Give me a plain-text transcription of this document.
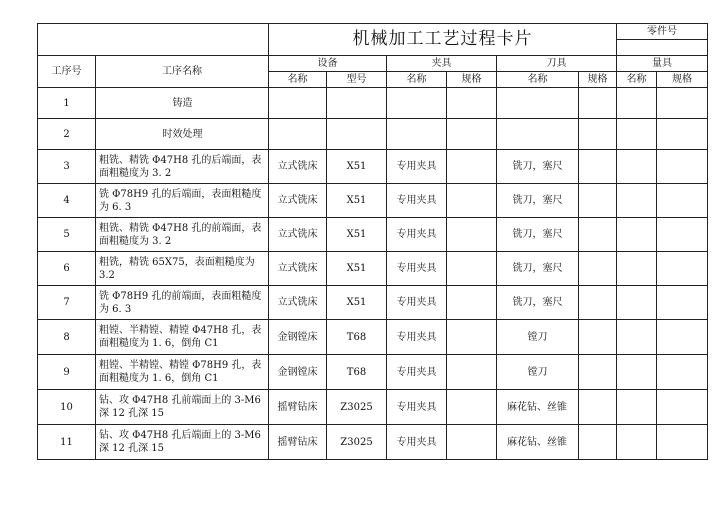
		机械加工工艺过程卡片						零件号	

工序号	工序名称	设备		夹具		刀具		量具	
		名称	型号	名称	规格	名称	规格	名称	规格
1	铸造								
2	时效处理								
3	粗铣、精铣 Φ47H8 孔的后端面，表面粗糙度为 3. 2	立式铣床	X51	专用夹具		铣刀，塞尺			
4	铣 Φ78H9 孔的后端面，表面粗糙度为 6. 3	立式铣床	X51	专用夹具		铣刀，塞尺			
5	粗铣、精铣 Φ47H8 孔的前端面，表面粗糙度为 3. 2	立式铣床	X51	专用夹具		铣刀，塞尺			
6	粗铣，精铣 65X75，表面粗糙度为 3.2	立式铣床	X51	专用夹具		铣刀，塞尺			
7	铣 Φ78H9 孔的前端面，表面粗糙度为 6. 3	立式铣床	X51	专用夹具		铣刀，塞尺			
8	粗镗、半精镗、精镗 Φ47H8 孔，表面粗糙度为 1. 6，倒角 C1	金钢镗床	T68	专用夹具		镗刀			
9	粗镗、半精镗、精镗 Φ78H9 孔，表面粗糙度为 1. 6，倒角 C1	金钢镗床	T68	专用夹具		镗刀			
10	钻、攻 Φ47H8 孔前端面上的 3-M6 深 12 孔深 15	摇臂钻床	Z3025	专用夹具		麻花钻、丝锥			
11	钻、攻 Φ47H8 孔后端面上的 3-M6 深 12 孔深 15	摇臂钻床	Z3025	专用夹具		麻花钻、丝锥			
